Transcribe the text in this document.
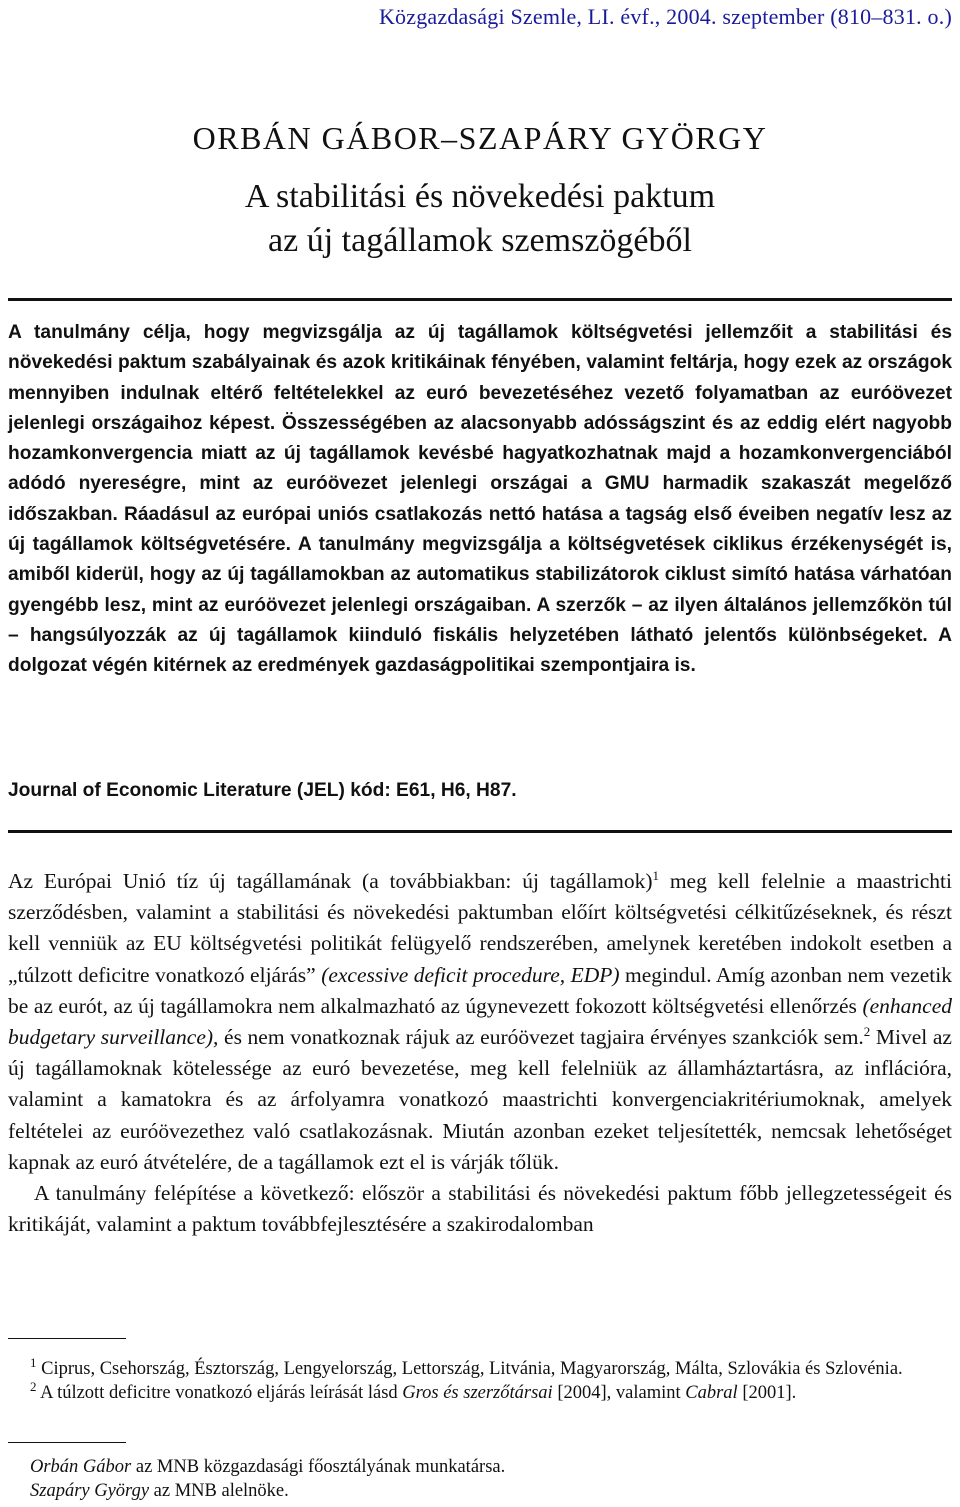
Közgazdasági Szemle, LI. évf., 2004. szeptember (810–831. o.)
ORBÁN GÁBOR–SZAPÁRY GYÖRGY
A stabilitási és növekedési paktum
az új tagállamok szemszögéből

A tanulmány célja, hogy megvizsgálja az új tagállamok költségvetési jellemzőit a stabilitási és növekedési paktum szabályainak és azok kritikáinak fényében, valamint feltárja, hogy ezek az országok mennyiben indulnak eltérő feltételekkel az euró bevezetéséhez vezető folyamatban az euróövezet jelenlegi országaihoz képest. Összességében az alacsonyabb adósságszint és az eddig elért nagyobb hozamkonvergencia miatt az új tagállamok kevésbé hagyatkozhatnak majd a hozamkonvergenciából adódó nyereségre, mint az euróövezet jelenlegi országai a GMU harmadik szakaszát megelőző időszakban. Ráadásul az európai uniós csatlakozás nettó hatása a tagság első éveiben negatív lesz az új tagállamok költségvetésére. A tanulmány megvizsgálja a költségvetések ciklikus érzékenységét is, amiből kiderül, hogy az új tagállamokban az automatikus stabilizátorok ciklust simító hatása várhatóan gyengébb lesz, mint az euróövezet jelenlegi országaiban. A szerzők – az ilyen általános jellemzőkön túl – hangsúlyozzák az új tagállamok kiinduló fiskális helyzetében látható jelentős különbségeket. A dolgozat végén kitérnek az eredmények gazdaságpolitikai szempontjaira is.

Journal of Economic Literature (JEL) kód: E61, H6, H87.

Az Európai Unió tíz új tagállamának (a továbbiakban: új tagállamok)$^1$ meg kell felelnie a maastrichti szerződésben, valamint a stabilitási és növekedési paktumban előírt költségvetési célkitűzéseknek, és részt kell venniük az EU költségvetési politikát felügyelő rendszerében, amelynek keretében indokolt esetben a „túlzott deficitre vonatkozó eljárás” (excessive deficit procedure, EDP) megindul. Amíg azonban nem vezetik be az eurót, az új tagállamokra nem alkalmazható az úgynevezett fokozott költségvetési ellenőrzés (enhanced budgetary surveillance), és nem vonatkoznak rájuk az euróövezet tagjaira érvényes szankciók sem.$^2$ Mivel az új tagállamoknak kötelessége az euró bevezetése, meg kell felelniük az államháztartásra, az inflációra, valamint a kamatokra és az árfolyamra vonatkozó maastrichti konvergenciakritériumoknak, amelyek feltételei az euróövezethez való csatlakozásnak. Miután azonban ezeket teljesítették, nemcsak lehetőséget kapnak az euró átvételére, de a tagállamok ezt el is várják tőlük.

A tanulmány felépítése a következő: először a stabilitási és növekedési paktum főbb jellegzetességeit és kritikáját, valamint a paktum továbbfejlesztésére a szakirodalomban

$^1$ Ciprus, Csehország, Észtország, Lengyelország, Lettország, Litvánia, Magyarország, Málta, Szlovákia és Szlovénia.

$^2$ A túlzott deficitre vonatkozó eljárás leírását lásd Gros és szerzőtársai [2004], valamint Cabral [2001].

Orbán Gábor az MNB közgazdasági főosztályának munkatársa.

Szapáry György az MNB alelnöke.
